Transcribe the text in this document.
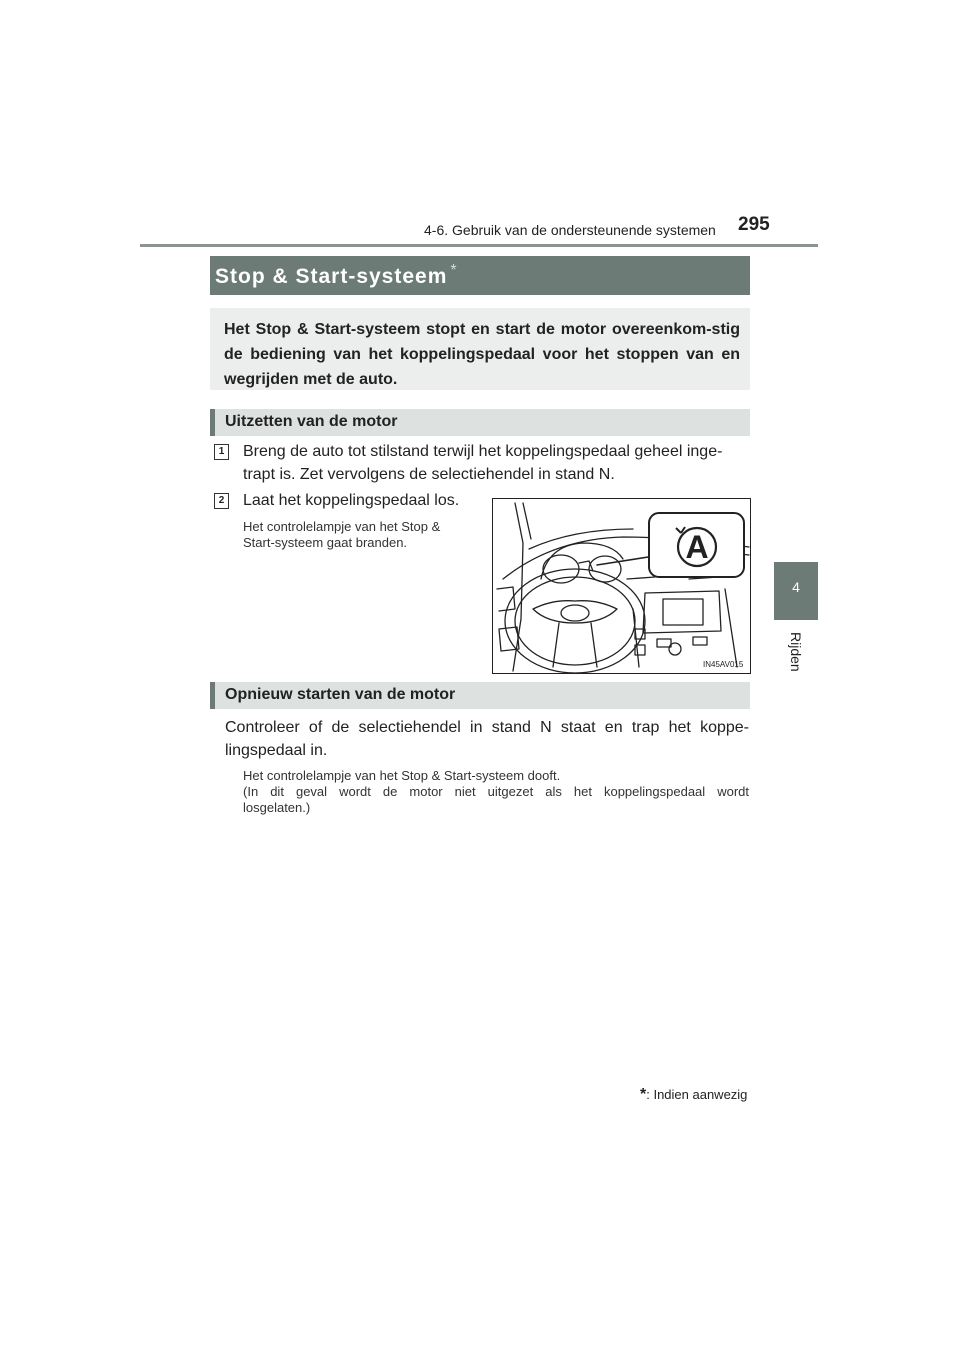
4-6. Gebruik van de ondersteunende systemen 295
4
Rijden
Stop & Start-systeem *
Het Stop & Start-systeem stopt en start de motor overeenkom-stig de bediening van het koppelingspedaal voor het stoppen van en wegrijden met de auto.
Uitzetten van de motor
1 Breng de auto tot stilstand terwijl het koppelingspedaal geheel inge-
trapt is. Zet vervolgens de selectiehendel in stand N.
2 Laat het koppelingspedaal los.
Het controlelampje van het Stop &
Start-systeem gaat branden.	A
IN45AV015
Opnieuw starten van de motor
Controleer of de selectiehendel in stand N staat en trap het koppe-
lingspedaal in.
Het controlelampje van het Stop & Start-systeem dooft.
(In dit geval wordt de motor niet uitgezet als het koppelingspedaal wordt
losgelaten.)
*: Indien aanwezig
